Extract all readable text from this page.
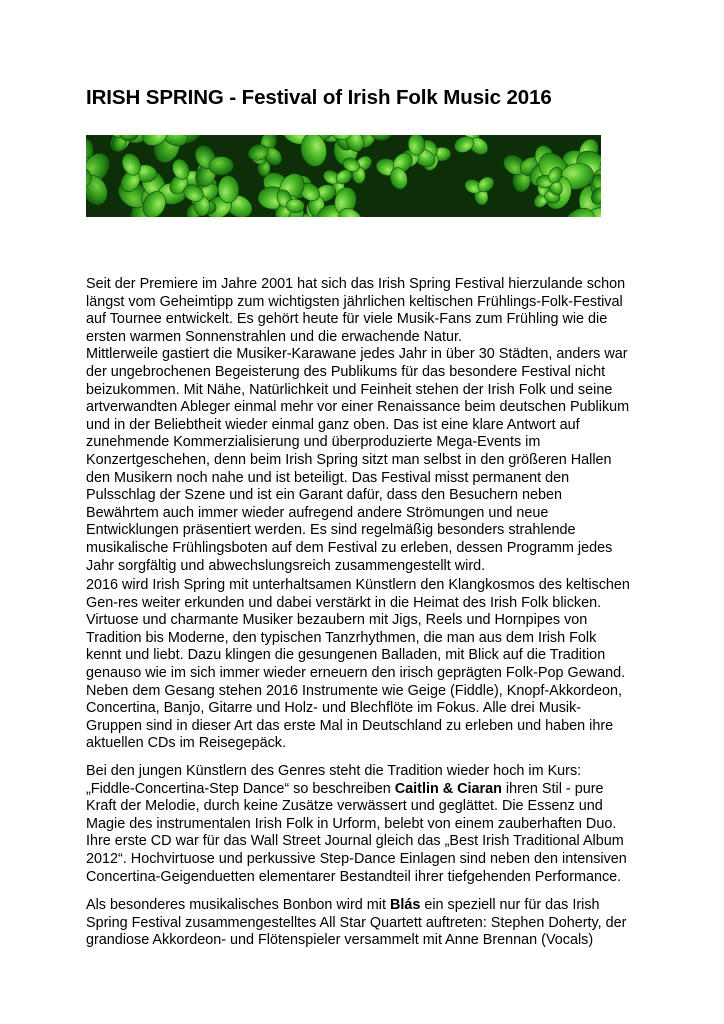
IRISH SPRING - Festival of Irish Folk Music 2016

Seit der Premiere im Jahre 2001 hat sich das Irish Spring Festival hierzulande schon
längst vom Geheimtipp zum wichtigsten jährlichen keltischen Frühlings-Folk-Festival
auf Tournee entwickelt. Es gehört heute für viele Musik-Fans zum Frühling wie die
ersten warmen Sonnenstrahlen und die erwachende Natur.
Mittlerweile gastiert die Musiker-Karawane jedes Jahr in über 30 Städten, anders war
der ungebrochenen Begeisterung des Publikums für das besondere Festival nicht
beizukommen. Mit Nähe, Natürlichkeit und Feinheit stehen der Irish Folk und seine
artverwandten Ableger einmal mehr vor einer Renaissance beim deutschen Publikum
und in der Beliebtheit wieder einmal ganz oben. Das ist eine klare Antwort auf
zunehmende Kommerzialisierung und überproduzierte Mega-Events im
Konzertgeschehen, denn beim Irish Spring sitzt man selbst in den größeren Hallen
den Musikern noch nahe und ist beteiligt. Das Festival misst permanent den
Pulsschlag der Szene und ist ein Garant dafür, dass den Besuchern neben
Bewährtem auch immer wieder aufregend andere Strömungen und neue
Entwicklungen präsentiert werden. Es sind regelmäßig besonders strahlende
musikalische Frühlingsboten auf dem Festival zu erleben, dessen Programm jedes
Jahr sorgfältig und abwechslungsreich zusammengestellt wird.

2016 wird Irish Spring mit unterhaltsamen Künstlern den Klangkosmos des keltischen
Gen-res weiter erkunden und dabei verstärkt in die Heimat des Irish Folk blicken.
Virtuose und charmante Musiker bezaubern mit Jigs, Reels und Hornpipes von
Tradition bis Moderne, den typischen Tanzrhythmen, die man aus dem Irish Folk
kennt und liebt. Dazu klingen die gesungenen Balladen, mit Blick auf die Tradition
genauso wie im sich immer wieder erneuern den irisch geprägten Folk-Pop Gewand.
Neben dem Gesang stehen 2016 Instrumente wie Geige (Fiddle), Knopf-Akkordeon,
Concertina, Banjo, Gitarre und Holz- und Blechflöte im Fokus. Alle drei Musik-
Gruppen sind in dieser Art das erste Mal in Deutschland zu erleben und haben ihre
aktuellen CDs im Reisegepäck.

Bei den jungen Künstlern des Genres steht die Tradition wieder hoch im Kurs:
„Fiddle-Concertina-Step Dance“ so beschreiben Caitlin & Ciaran ihren Stil - pure
Kraft der Melodie, durch keine Zusätze verwässert und geglättet. Die Essenz und
Magie des instrumentalen Irish Folk in Urform, belebt von einem zauberhaften Duo.
Ihre erste CD war für das Wall Street Journal gleich das „Best Irish Traditional Album
2012“. Hochvirtuose und perkussive Step-Dance Einlagen sind neben den intensiven
Concertina-Geigenduetten elementarer Bestandteil ihrer tiefgehenden Performance.

Als besonderes musikalisches Bonbon wird mit Blás ein speziell nur für das Irish
Spring Festival zusammengestelltes All Star Quartett auftreten: Stephen Doherty, der
grandiose Akkordeon- und Flötenspieler versammelt mit Anne Brennan (Vocals)
